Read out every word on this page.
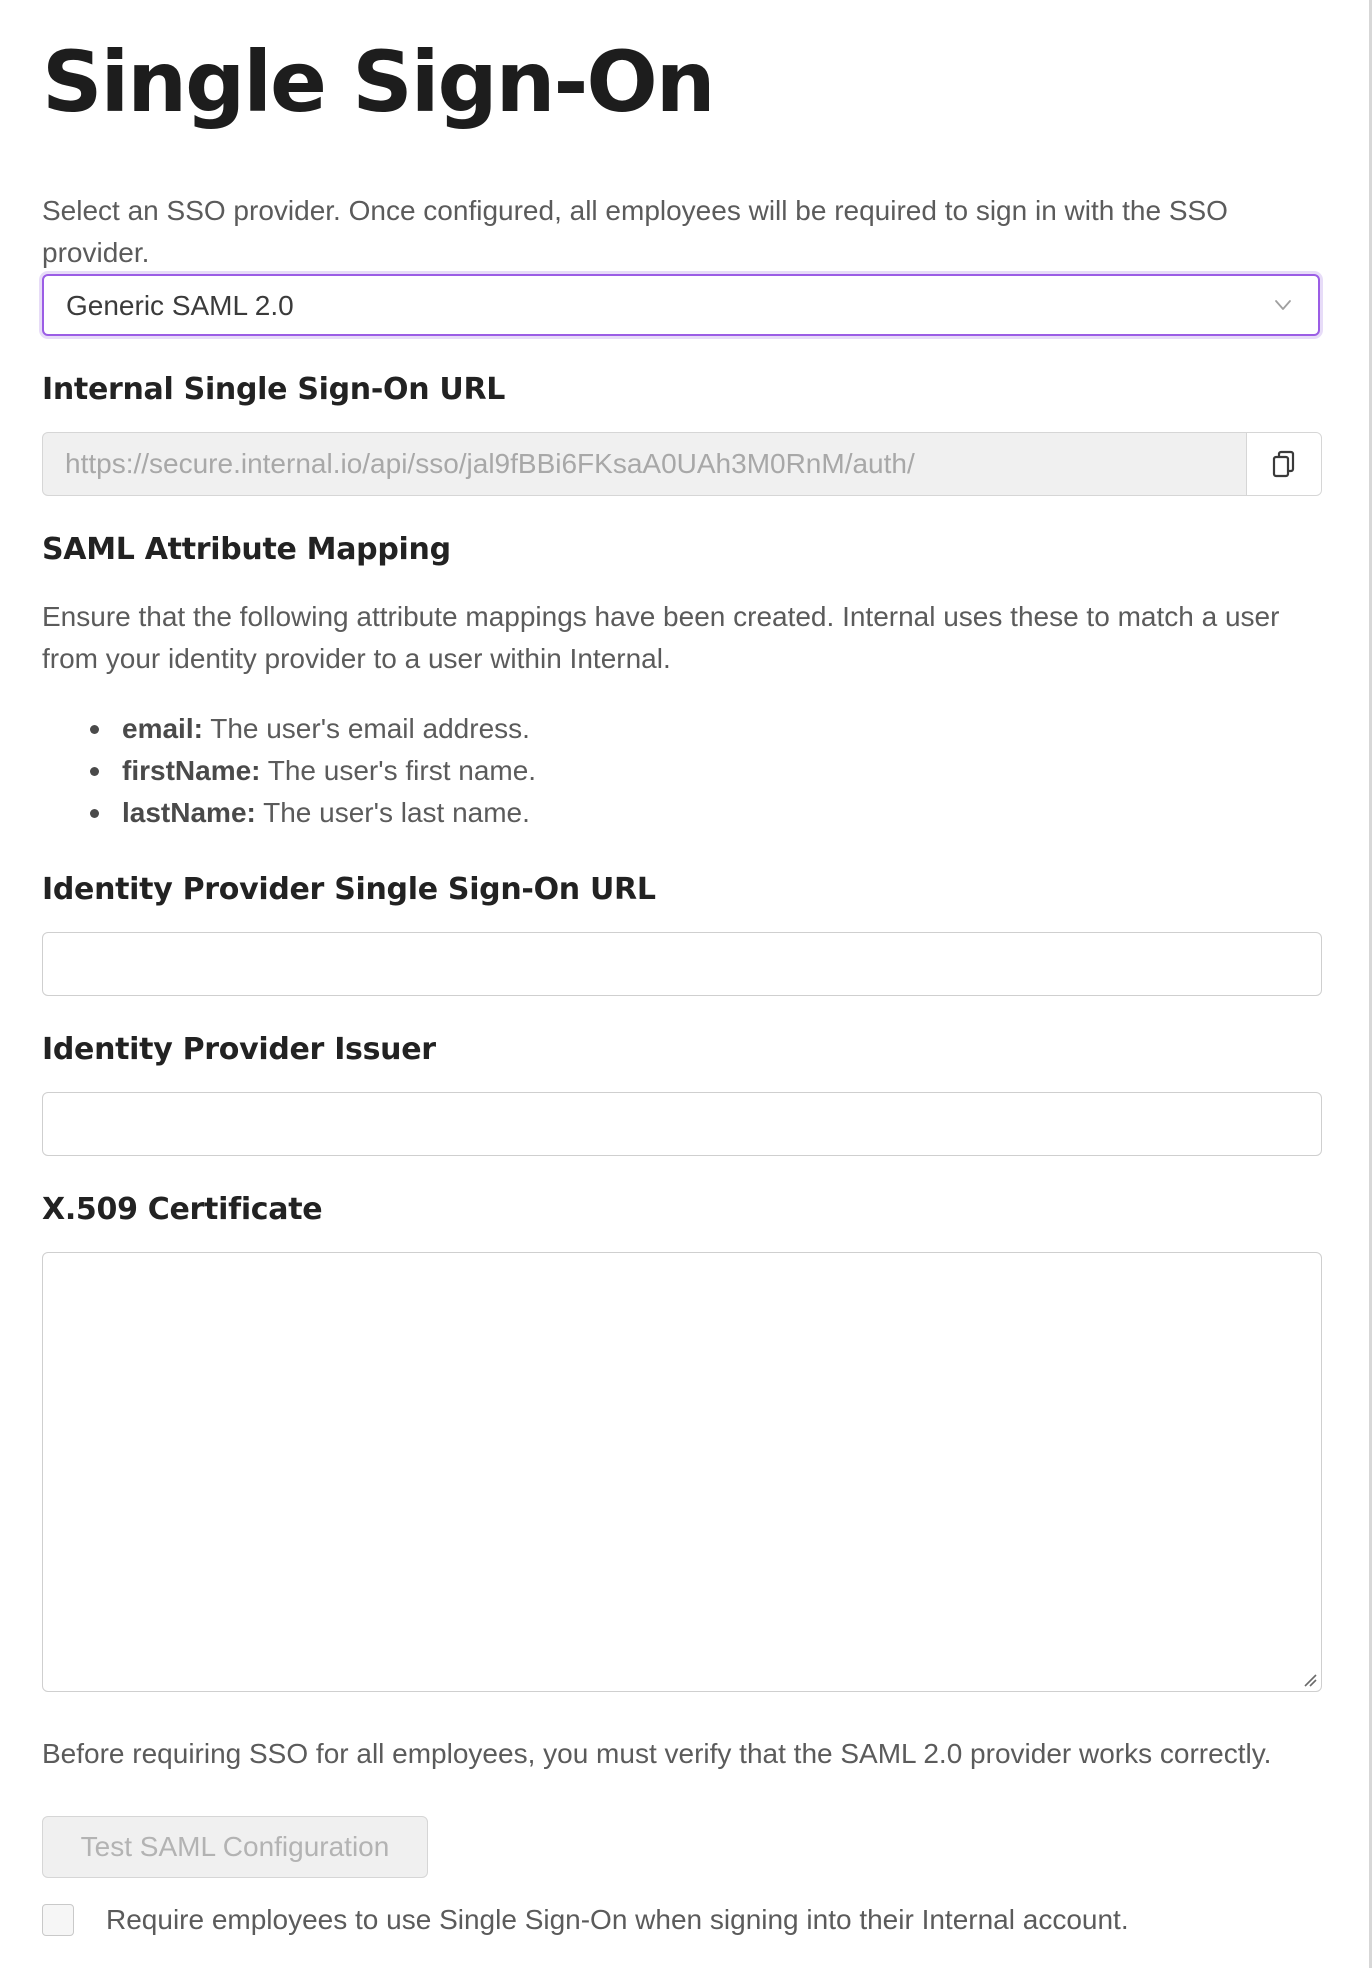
Single Sign-On

Select an SSO provider. Once configured, all employees will be required to sign in with the SSO provider.

Generic SAML 2.0
Internal Single Sign-On URL
https://secure.internal.io/api/sso/jal9fBBi6FKsaA0UAh3M0RnM/auth/
SAML Attribute Mapping

Ensure that the following attribute mappings have been created. Internal uses these to match a user from your identity provider to a user within Internal.

email: The user's email address.
firstName: The user's first name.
lastName: The user's last name.
Identity Provider Single Sign-On URL
Identity Provider Issuer
X.509 Certificate

Before requiring SSO for all employees, you must verify that the SAML 2.0 provider works correctly.

Test SAML Configuration
Require employees to use Single Sign-On when signing into their Internal account.
